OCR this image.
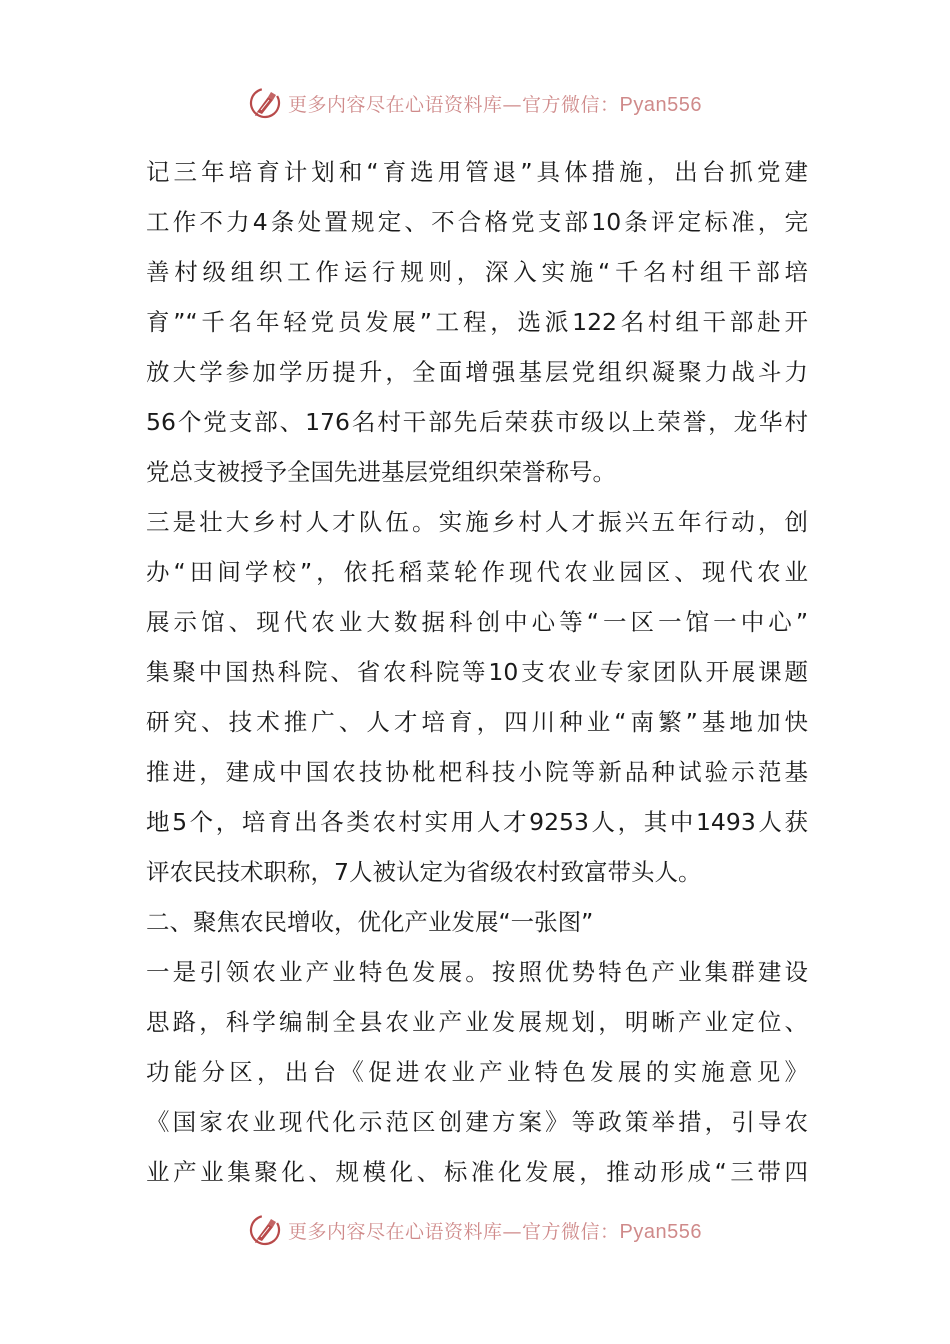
更多内容尽在心语资料库—官方微信：Pyan556
记三年培育计划和“育选用管退”具体措施，出台抓党建
工作不力4条处置规定、不合格党支部10条评定标准，完
善村级组织工作运行规则，深入实施“千名村组干部培
育”“千名年轻党员发展”工程，选派122名村组干部赴开
放大学参加学历提升，全面增强基层党组织凝聚力战斗力
56个党支部、176名村干部先后荣获市级以上荣誉，龙华村
党总支被授予全国先进基层党组织荣誉称号。
三是壮大乡村人才队伍。实施乡村人才振兴五年行动，创
办“田间学校”，依托稻菜轮作现代农业园区、现代农业
展示馆、现代农业大数据科创中心等“一区一馆一中心”
集聚中国热科院、省农科院等10支农业专家团队开展课题
研究、技术推广、人才培育，四川种业“南繁”基地加快
推进，建成中国农技协枇杷科技小院等新品种试验示范基
地5个，培育出各类农村实用人才9253人，其中1493人获
评农民技术职称，7人被认定为省级农村致富带头人。
二、聚焦农民增收，优化产业发展“一张图”
一是引领农业产业特色发展。按照优势特色产业集群建设
思路，科学编制全县农业产业发展规划，明晰产业定位、
功能分区，出台《促进农业产业特色发展的实施意见》
《国家农业现代化示范区创建方案》等政策举措，引导农
业产业集聚化、规模化、标准化发展，推动形成“三带四
更多内容尽在心语资料库—官方微信：Pyan556
